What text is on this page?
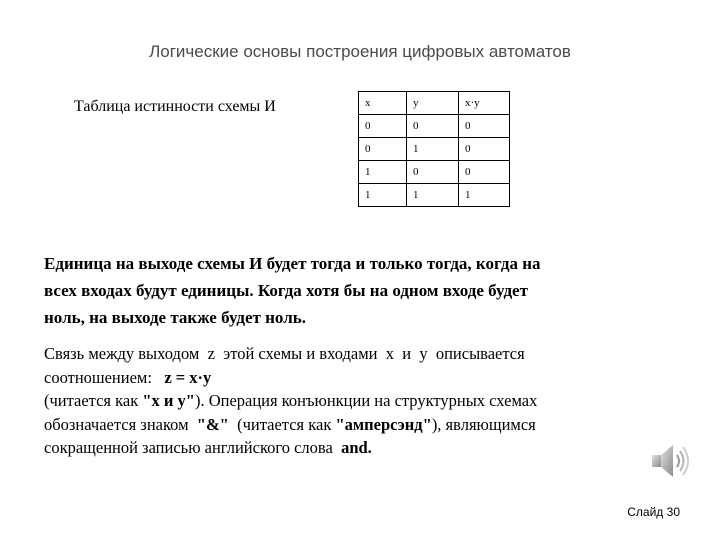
Логические основы построения цифровых автоматов
Таблица истинности схемы И	x	y	x·y
0	0	0
0	1	0
1	0	0
1	1	1
Единица на выходе схемы И будет тогда и только тогда, когда на
всех входах будут единицы. Когда хотя бы на одном входе будет
ноль, на выходе также будет ноль.
Связь между выходом z этой схемы и входами x и y описывается
соотношением: z = x·y
(читается как "x и y"). Операция конъюнкции на структурных схемах
обозначается знаком "&" (читается как "амперсэнд"), являющимся
сокращенной записью английского слова and.
Слайд 30
